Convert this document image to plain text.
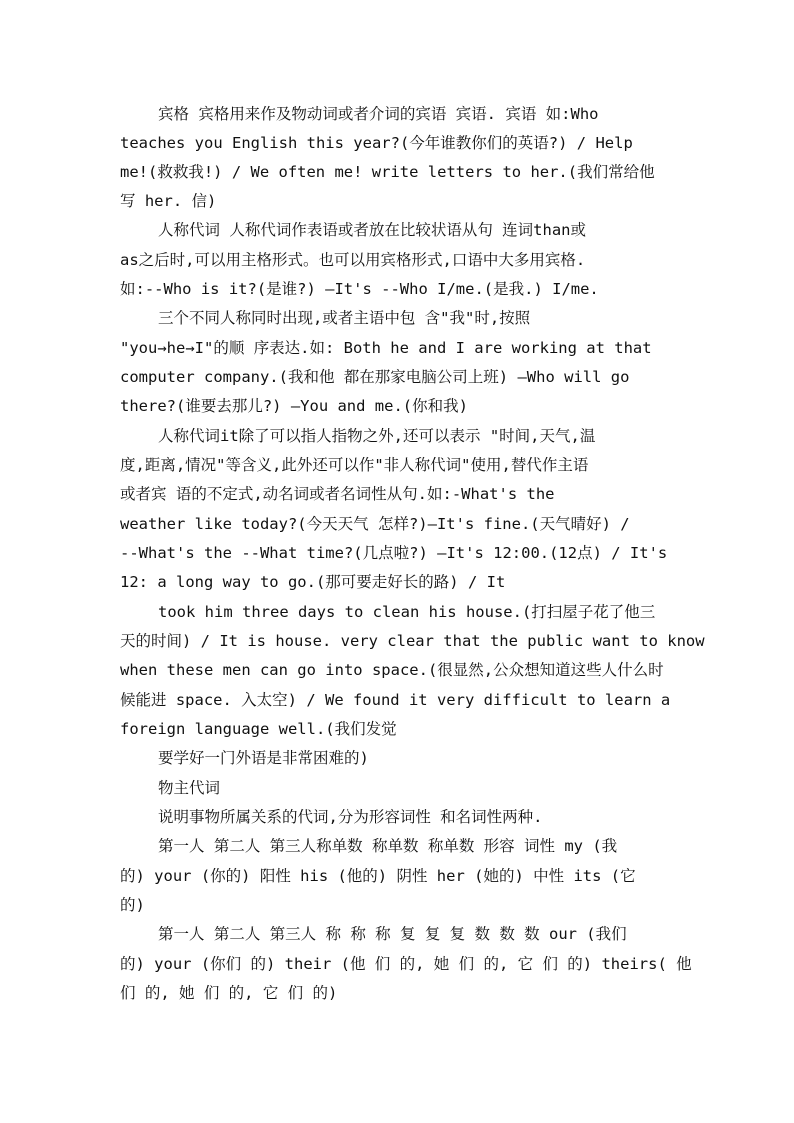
宾格 宾格用来作及物动词或者介词的宾语 宾语. 宾语 如:Who
teaches you English this year?(今年谁教你们的英语?) / Help
me!(救救我!) / We often me! write letters to her.(我们常给他
写 her. 信)
人称代词 人称代词作表语或者放在比较状语从句 连词than或
as之后时,可以用主格形式。也可以用宾格形式,口语中大多用宾格.
如:--Who is it?(是谁?) –It's --Who I/me.(是我.) I/me.
三个不同人称同时出现,或者主语中包 含"我"时,按照
"you→he→I"的顺 序表达.如: Both he and I are working at that
computer company.(我和他 都在那家电脑公司上班) –Who will go
there?(谁要去那儿?) –You and me.(你和我)
人称代词it除了可以指人指物之外,还可以表示 "时间,天气,温
度,距离,情况"等含义,此外还可以作"非人称代词"使用,替代作主语
或者宾 语的不定式,动名词或者名词性从句.如:-What's the
weather like today?(今天天气 怎样?)—It's fine.(天气晴好) /
--What's the --What time?(几点啦?) –It's 12:00.(12点) / It's
12: a long way to go.(那可要走好长的路) / It
took him three days to clean his house.(打扫屋子花了他三
天的时间) / It is house. very clear that the public want to know
when these men can go into space.(很显然,公众想知道这些人什么时
候能进 space. 入太空) / We found it very difficult to learn a
foreign language well.(我们发觉
要学好一门外语是非常困难的)
物主代词
说明事物所属关系的代词,分为形容词性 和名词性两种.
第一人 第二人 第三人称单数 称单数 称单数 形容 词性 my (我
的) your (你的) 阳性 his (他的) 阴性 her (她的) 中性 its (它
的)
第一人 第二人 第三人 称 称 称 复 复 复 数 数 数 our (我们
的) your (你们 的) their (他 们 的, 她 们 的, 它 们 的) theirs( 他
们 的, 她 们 的, 它 们 的)
